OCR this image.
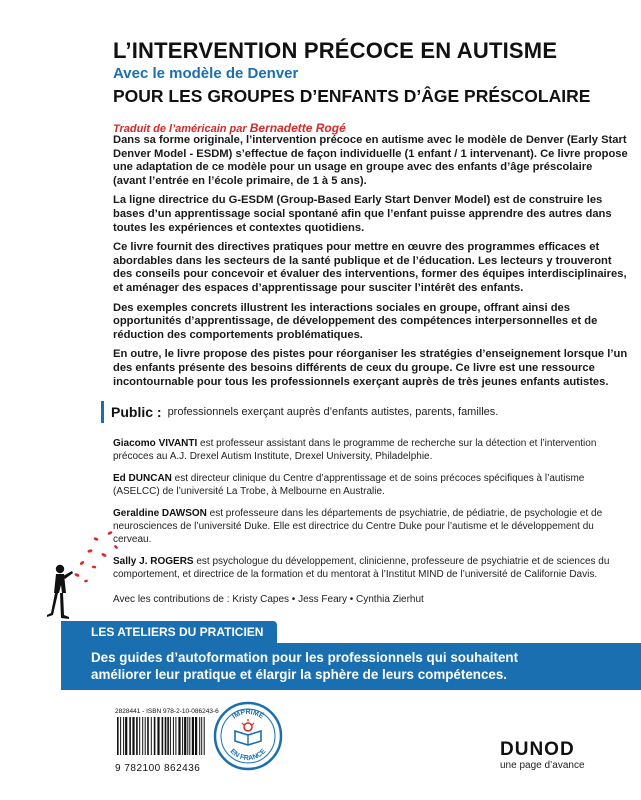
L’INTERVENTION PRÉCOCE EN AUTISME
Avec le modèle de Denver
POUR LES GROUPES D’ENFANTS D’ÂGE PRÉSCOLAIRE
Traduit de l’américain par Bernadette Rogé

Dans sa forme originale, l’intervention précoce en autisme avec le modèle de Denver (Early Start Denver Model - ESDM) s’effectue de façon individuelle (1 enfant / 1 intervenant). Ce livre propose une adaptation de ce modèle pour un usage en groupe avec des enfants d’âge préscolaire (avant l’entrée en l’école primaire, de 1 à 5 ans).

La ligne directrice du G-ESDM (Group-Based Early Start Denver Model) est de construire les bases d’un apprentissage social spontané afin que l’enfant puisse apprendre des autres dans toutes les expériences et contextes quotidiens.

Ce livre fournit des directives pratiques pour mettre en œuvre des programmes efficaces et abordables dans les secteurs de la santé publique et de l’éducation. Les lecteurs y trouveront des conseils pour concevoir et évaluer des interventions, former des équipes interdisciplinaires, et aménager des espaces d’apprentissage pour susciter l’intérêt des enfants.

Des exemples concrets illustrent les interactions sociales en groupe, offrant ainsi des opportunités d’apprentissage, de développement des compétences interpersonnelles et de réduction des comportements problématiques.

En outre, le livre propose des pistes pour réorganiser les stratégies d’enseignement lorsque l’un des enfants présente des besoins différents de ceux du groupe. Ce livre est une ressource incontournable pour tous les professionnels exerçant auprès de très jeunes enfants autistes.

Public : professionnels exerçant auprès d’enfants autistes, parents, familles.
Giacomo VIVANTI est professeur assistant dans le programme de recherche sur la détection et l’intervention précoces au A.J. Drexel Autism Institute, Drexel University, Philadelphie.
Ed DUNCAN est directeur clinique du Centre d’apprentissage et de soins précoces spécifiques à l’autisme (ASELCC) de l’université La Trobe, à Melbourne en Australie.
Geraldine DAWSON est professeure dans les départements de psychiatrie, de pédiatrie, de psychologie et de neurosciences de l’université Duke. Elle est directrice du Centre Duke pour l’autisme et le développement du cerveau.
Sally J. ROGERS est psychologue du développement, clinicienne, professeure de psychiatrie et de sciences du comportement, et directrice de la formation et du mentorat à l’Institut MIND de l’université de Californie Davis.
Avec les contributions de : Kristy Capes • Jess Feary • Cynthia Zierhut
LES ATELIERS DU PRATICIEN
Des guides d’autoformation pour les professionnels qui souhaitent
améliorer leur pratique et élargir la sphère de leurs compétences.
2828441 - ISBN 978-2-10-086243-6
9 782100 862436
IMPRIMÉ
EN FRANCE	DUNOD
une page d’avance
